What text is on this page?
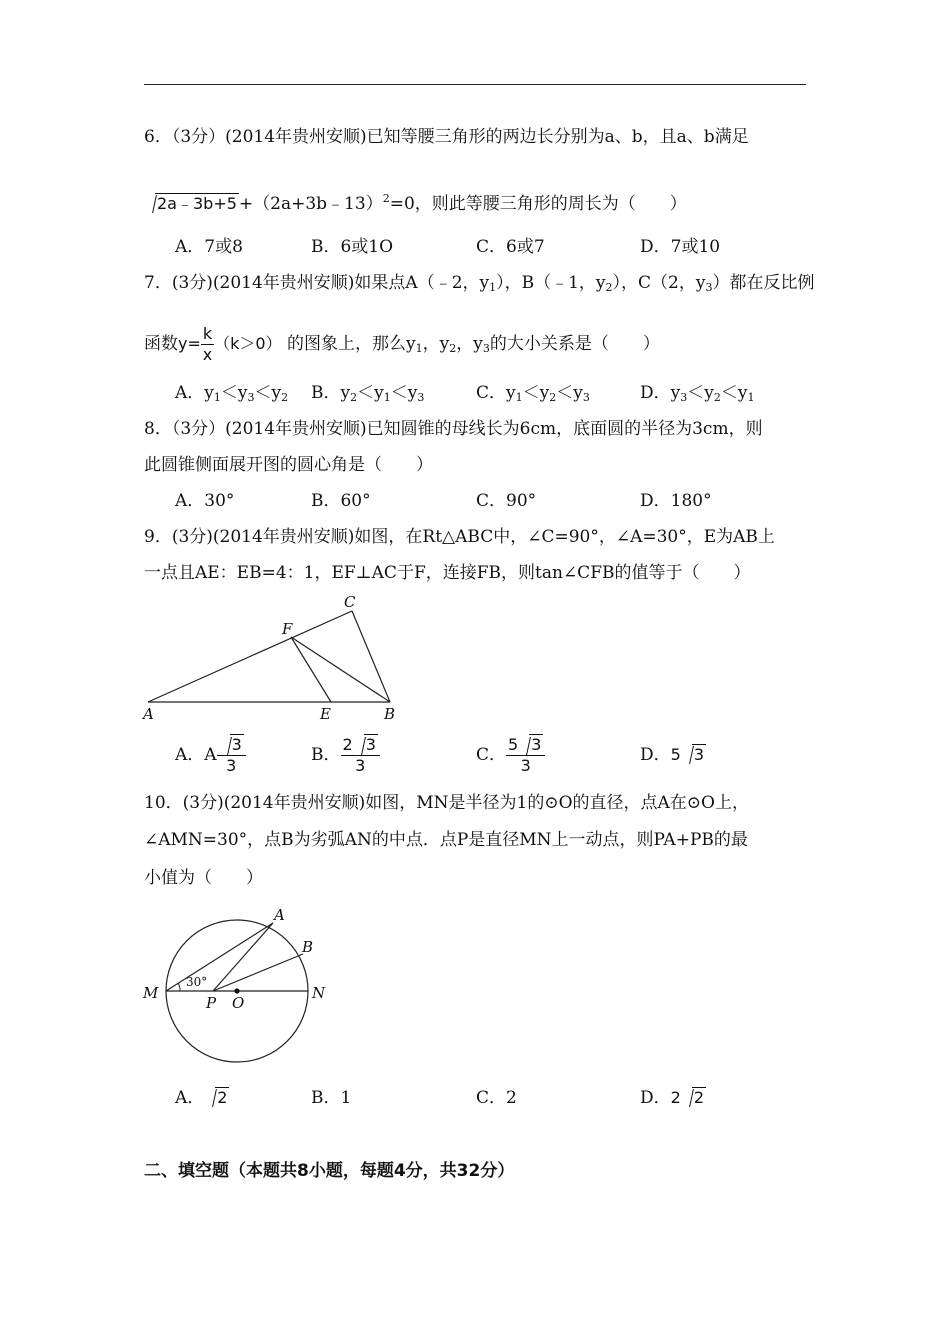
6．（3分）(2014年贵州安顺)已知等腰三角形的两边长分别为a、b，且a、b满足
2a﹣3b+5 +（2a+3b﹣13）$^2$=0，则此等腰三角形的周长为（　　）
A．7或8	B．6或1O	C．6或7	D．7或10
7．(3分)(2014年贵州安顺)如果点A（﹣2，$y_1$），B（﹣1，$y_2$），C（2，$y_3$）都在反比例
函数$y= \frac{k}{x} (k>0)$ 的图象上，那么$y_1$，$y_2$，$y_3$的大小关系是（　　）
A．$y_1<y_3<y_2$ B．$y_2<y_1<y_3$	C．$y_1<y_2<y_3$	D．$y_3<y_2<y_1$
8．（3分）(2014年贵州安顺)已知圆锥的母线长为6cm，底面圆的半径为3cm，则
此圆锥侧面展开图的圆心角是（　　）
A．30°	B．60°	C．90°	D．180°
9．(3分)(2014年贵州安顺)如图，在Rt△ABC中，∠C=90°，∠A=30°，E为AB上
一点且AE：EB=4：1，EF⊥AC于F，连接FB，则tan∠CFB的值等于（　　）
A	E	B
C
F
A．A $\frac{3}{3}$	B． $\frac{2 3}{3}$	C． $\frac{5 3}{3}$	D．5 3
10．(3分)(2014年贵州安顺)如图，MN是半径为1的⊙O的直径，点A在⊙O上，
∠AMN=30°，点B为劣弧AN的中点．点P是直径MN上一动点，则PA+PB的最
小值为（　　）
30°
M	N
A
B
P O
A． 2	B．1	C．2	D．2 2
二、填空题（本题共8小题，每题4分，共32分）
